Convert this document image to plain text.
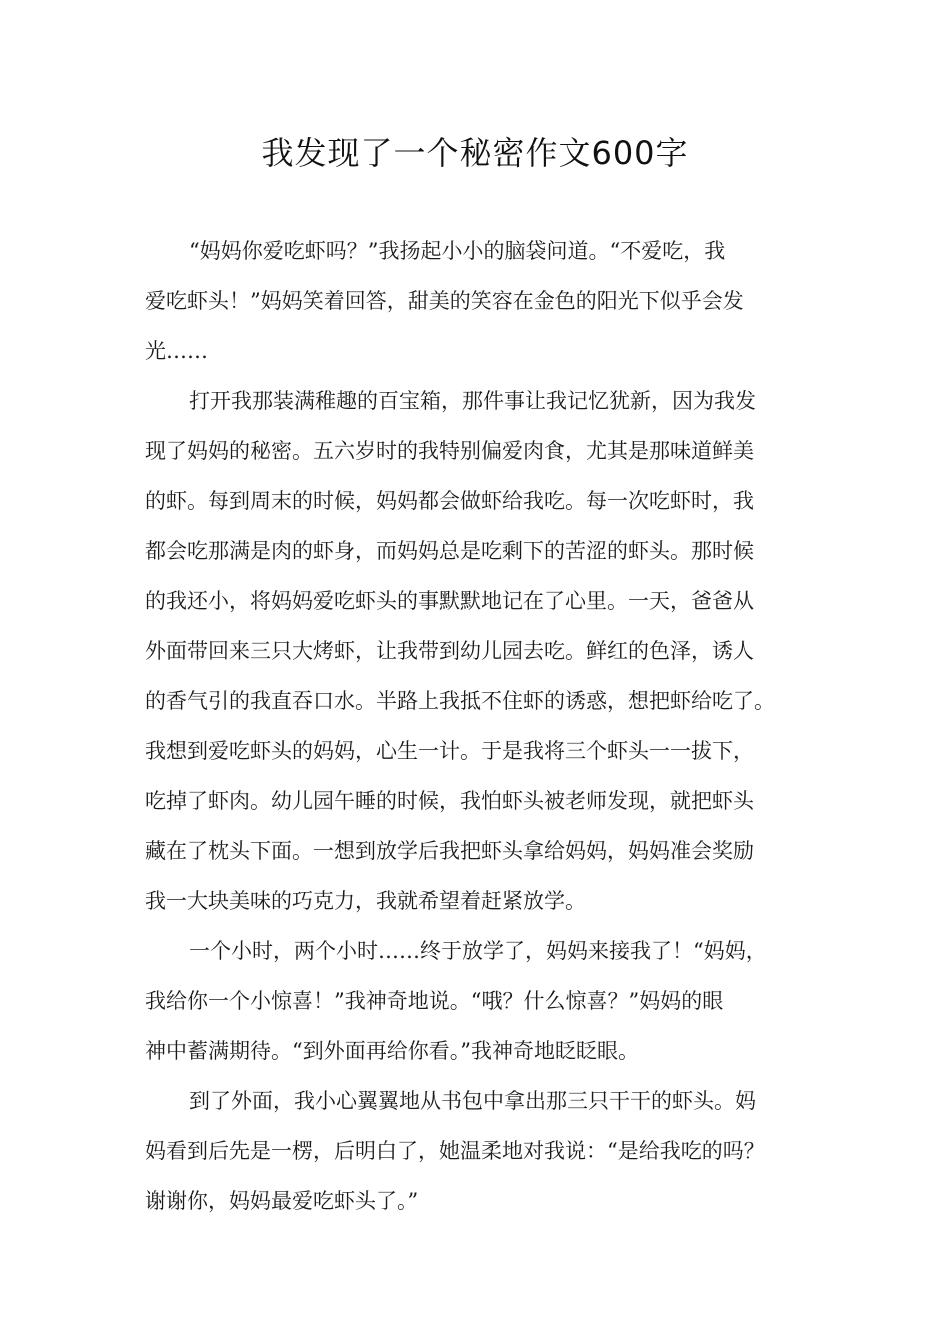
我发现了一个秘密作文600字
“妈妈你爱吃虾吗？”我扬起小小的脑袋问道。“不爱吃，我
爱吃虾头！”妈妈笑着回答，甜美的笑容在金色的阳光下似乎会发
光……
打开我那装满稚趣的百宝箱，那件事让我记忆犹新，因为我发
现了妈妈的秘密。五六岁时的我特别偏爱肉食，尤其是那味道鲜美
的虾。每到周末的时候，妈妈都会做虾给我吃。每一次吃虾时，我
都会吃那满是肉的虾身，而妈妈总是吃剩下的苦涩的虾头。那时候
的我还小，将妈妈爱吃虾头的事默默地记在了心里。一天，爸爸从
外面带回来三只大烤虾，让我带到幼儿园去吃。鲜红的色泽，诱人
的香气引的我直吞口水。半路上我抵不住虾的诱惑，想把虾给吃了。
我想到爱吃虾头的妈妈，心生一计。于是我将三个虾头一一拔下，
吃掉了虾肉。幼儿园午睡的时候，我怕虾头被老师发现，就把虾头
藏在了枕头下面。一想到放学后我把虾头拿给妈妈，妈妈准会奖励
我一大块美味的巧克力，我就希望着赶紧放学。
一个小时，两个小时……终于放学了，妈妈来接我了！“妈妈，
我给你一个小惊喜！”我神奇地说。“哦？什么惊喜？”妈妈的眼
神中蓄满期待。“到外面再给你看。”我神奇地眨眨眼。
到了外面，我小心翼翼地从书包中拿出那三只干干的虾头。妈
妈看到后先是一楞，后明白了，她温柔地对我说：“是给我吃的吗？
谢谢你，妈妈最爱吃虾头了。”
